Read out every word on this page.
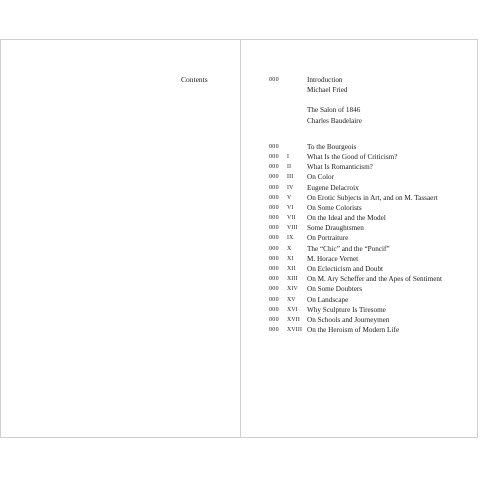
Contents	000	Introduction
Michael Fried
The Salon of 1846
Charles Baudelaire
000	To the Bourgeois
000 I What Is the Good of Criticism?
000 II What Is Romanticism?
000 III On Color
000 IV Eugene Delacroix
000 V On Erotic Subjects in Art, and on M. Tassaert
000 VI On Some Colorists
000 VII On the Ideal and the Model
000 VIII Some Draughtsmen
000 IX On Portraiture
000 X The “Chic” and the “Poncif”
000 XI M. Horace Vernet
000 XII On Eclecticism and Doubt
000 XIII On M. Ary Scheffer and the Apes of Sentiment
000 XIV On Some Doubters
000 XV On Landscape
000 XVI Why Sculpture Is Tiresome
000 XVII On Schools and Journeymen
000 XVIII On the Heroism of Modern Life
